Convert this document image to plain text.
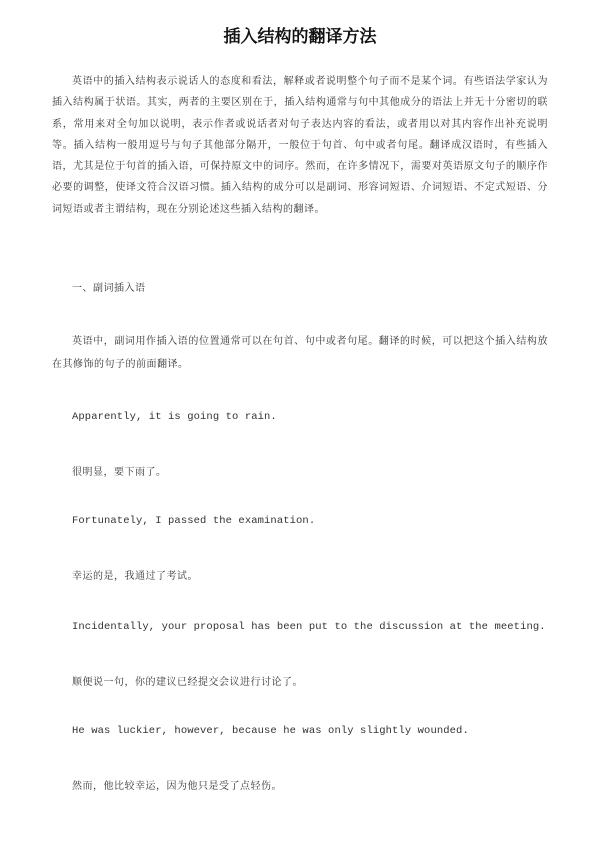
插入结构的翻译方法

英语中的插入结构表示说话人的态度和看法，解释或者说明整个句子而不是某个词。有些语法学家认为插入结构属于状语。其实，两者的主要区别在于，插入结构通常与句中其他成分的语法上并无十分密切的联系，常用来对全句加以说明，表示作者或说话者对句子表达内容的看法，或者用以对其内容作出补充说明等。插入结构一般用逗号与句子其他部分隔开，一般位于句首、句中或者句尾。翻译成汉语时，有些插入语，尤其是位于句首的插入语，可保持原文中的词序。然而，在许多情况下，需要对英语原文句子的顺序作必要的调整，使译文符合汉语习惯。插入结构的成分可以是副词、形容词短语、介词短语、不定式短语、分词短语或者主谓结构，现在分别论述这些插入结构的翻译。

一、副词插入语

英语中，副词用作插入语的位置通常可以在句首、句中或者句尾。翻译的时候，可以把这个插入结构放在其修饰的句子的前面翻译。

Apparently, it is going to rain.

很明显，要下雨了。

Fortunately, I passed the examination.

幸运的是，我通过了考试。

Incidentally, your proposal has been put to the discussion at the meeting.

顺便说一句，你的建议已经提交会议进行讨论了。

He was luckier, however, because he was only slightly wounded.

然而，他比较幸运，因为他只是受了点轻伤。
